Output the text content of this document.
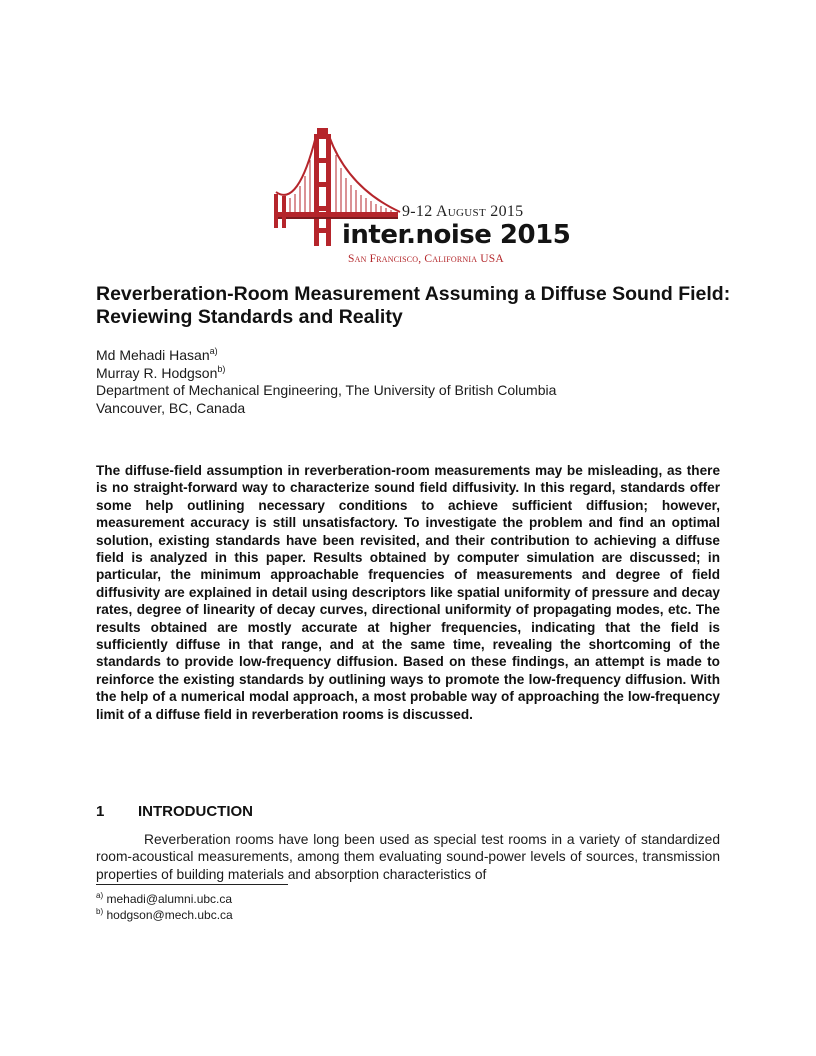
9-12 August 2015
inter.noise 2015
San Francisco, California USA
Reverberation-Room Measurement Assuming a Diffuse Sound Field: Reviewing Standards and Reality
Md Mehadi Hasan$^{a)}$
Murray R. Hodgson$^{b)}$
Department of Mechanical Engineering, The University of British Columbia
Vancouver, BC, Canada

The diffuse-field assumption in reverberation-room measurements may be misleading, as there is no straight-forward way to characterize sound field diffusivity. In this regard, standards offer some help outlining necessary conditions to achieve sufficient diffusion; however, measurement accuracy is still unsatisfactory. To investigate the problem and find an optimal solution, existing standards have been revisited, and their contribution to achieving a diffuse field is analyzed in this paper. Results obtained by computer simulation are discussed; in particular, the minimum approachable frequencies of measurements and degree of field diffusivity are explained in detail using descriptors like spatial uniformity of pressure and decay rates, degree of linearity of decay curves, directional uniformity of propagating modes, etc. The results obtained are mostly accurate at higher frequencies, indicating that the field is sufficiently diffuse in that range, and at the same time, revealing the shortcoming of the standards to provide low-frequency diffusion. Based on these findings, an attempt is made to reinforce the existing standards by outlining ways to promote the low-frequency diffusion. With the help of a numerical modal approach, a most probable way of approaching the low-frequency limit of a diffuse field in reverberation rooms is discussed.

1 INTRODUCTION

Reverberation rooms have long been used as special test rooms in a variety of standardized room-acoustical measurements, among them evaluating sound-power levels of sources, transmission properties of building materials and absorption characteristics of

$^{a)}$ mehadi@alumni.ubc.ca
$^{b)}$ hodgson@mech.ubc.ca
